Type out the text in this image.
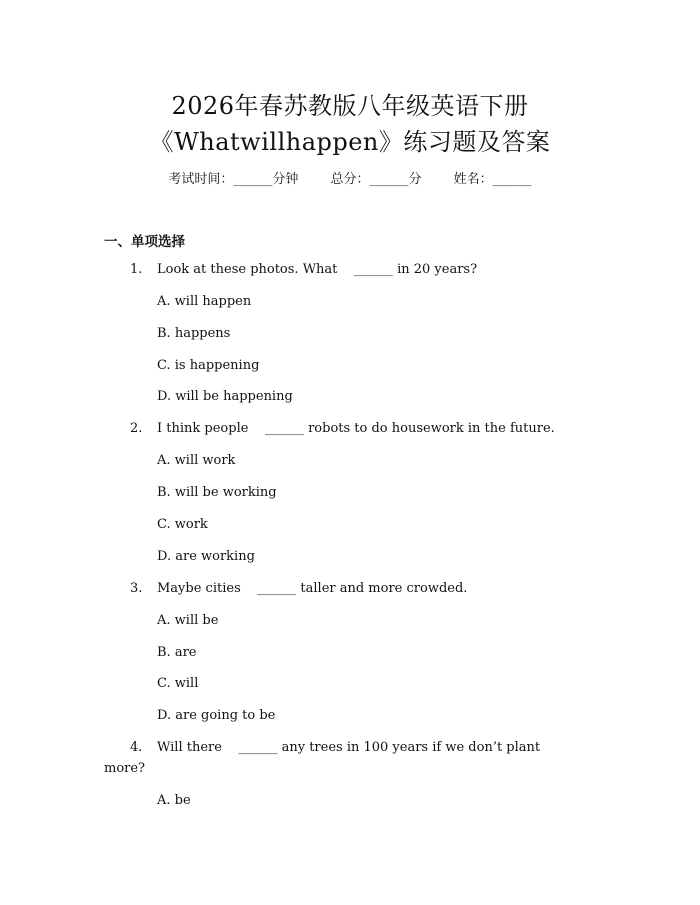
2026年春苏教版八年级英语下册
《Whatwillhappen》练习题及答案
考试时间：______分钟 总分：______分 姓名：______
一、单项选择
1. Look at these photos. What    ______ in 20 years?
A. will happen
B. happens
C. is happening
D. will be happening
2. I think people    ______ robots to do housework in the future.
A. will work
B. will be working
C. work
D. are working
3. Maybe cities    ______ taller and more crowded.
A. will be
B. are
C. will
D. are going to be
4. Will there    ______ any trees in 100 years if we don’t plant
more?
A. be
